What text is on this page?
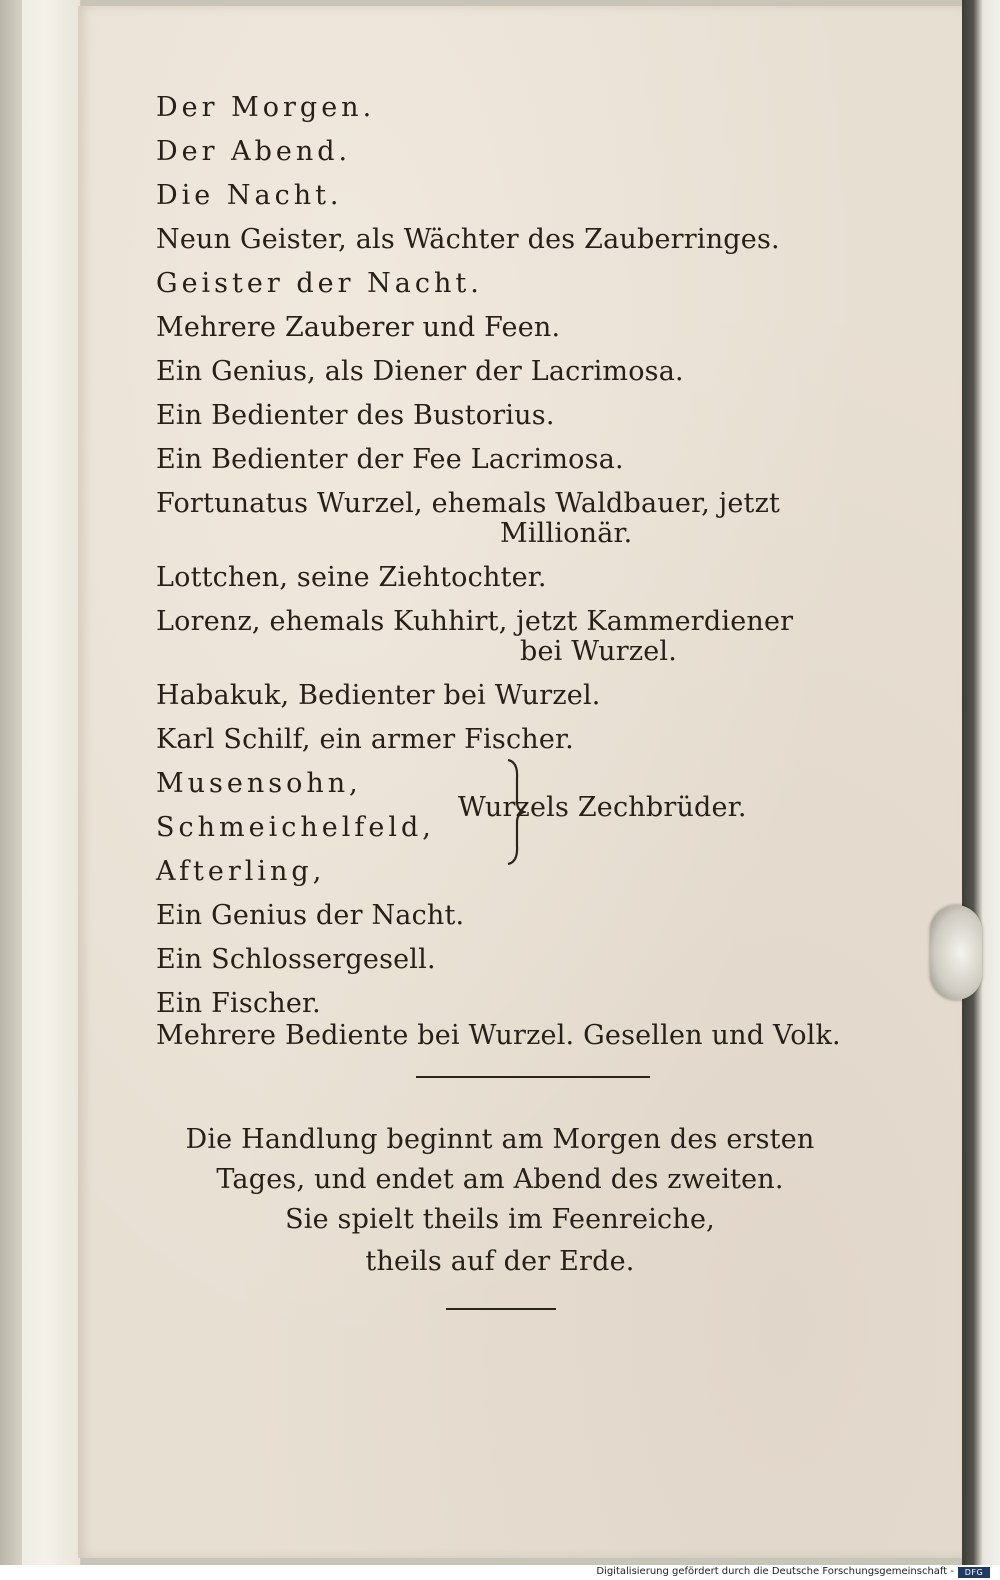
Der Morgen.
Der Abend.
Die Nacht.
Neun Geister, als Wächter des Zauberringes.
Geister der Nacht.
Mehrere Zauberer und Feen.
Ein Genius, als Diener der Lacrimosa.
Ein Bedienter des Bustorius.
Ein Bedienter der Fee Lacrimosa.
Fortunatus Wurzel, ehemals Waldbauer, jetzt
Millionär.
Lottchen, seine Ziehtochter.
Lorenz, ehemals Kuhhirt, jetzt Kammerdiener
bei Wurzel.
Habakuk, Bedienter bei Wurzel.
Karl Schilf, ein armer Fischer.
Musensohn,
Schmeichelfeld,
Afterling,
Ein Genius der Nacht.
Ein Schlossergesell.
Ein Fischer.
Mehrere Bediente bei Wurzel. Gesellen und Volk.
Wurzels Zechbrüder.
Die Handlung beginnt am Morgen des ersten
Tages, und endet am Abend des zweiten.
Sie spielt theils im Feenreiche,
theils auf der Erde.
Digitalisierung gefördert durch die Deutsche Forschungsgemeinschaft -	DFG
